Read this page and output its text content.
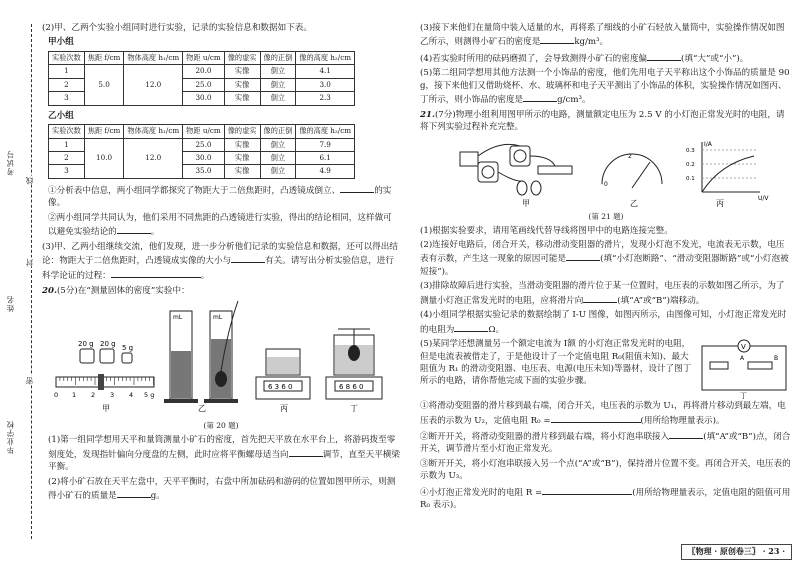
考试号
线
姓名
封
密
毕业学校

(2)甲、乙两个实验小组同时进行实验，记录的实验信息和数据如下表。

甲小组
实验次数	焦距 f/cm	物体高度 h₁/cm	物距 u/cm	像的虚实	像的正倒	像的高度 h₂/cm
1	5.0	12.0	20.0	实像	倒立	4.1
2			25.0	实像	倒立	3.0
3			30.0	实像	倒立	2.3
乙小组
实验次数	焦距 f/cm	物体高度 h₁/cm	物距 u/cm	像的虚实	像的正倒	像的高度 h₂/cm
1	10.0	12.0	25.0	实像	倒立	7.9
2			30.0	实像	倒立	6.1
3			35.0	实像	倒立	4.9

①分析表中信息，两小组同学都探究了物距大于二倍焦距时，凸透镜成倒立、	的实像。

②两小组同学共同认为，他们采用不同焦距的凸透镜进行实验，得出的结论相同，这样做可以避免实验结论的	。

(3)甲、乙两小组继续交流，他们发现，进一步分析他们记录的实验信息和数据，还可以得出结论：物距大于二倍焦距时，凸透镜成实像的大小与	有关。请写出分析实验信息，进行科学论证的过程：	。

20.(5分)在“测量固体的密度”实验中：

20 g 20 g 5 g
0 1 2 3 4 5 g
甲
mL	mL
乙
6 3 6 0
丙
6 8 6 0
丁
(第 20 题)

(1)第一组同学想用天平和量筒测量小矿石的密度，首先把天平放在水平台上，将游码拨至零刻度处，发现指针偏向分度盘的左侧，此时应将平衡螺母适当向	调节，直至天平横梁平衡。

(2)将小矿石放在天平左盘中，天平平衡时，右盘中所加砝码和游码的位置如图甲所示，则测得小矿石的质量是	g。

(3)接下来他们在量筒中装入适量的水，再将系了细线的小矿石轻放入量筒中，实验操作情况如图乙所示，则测得小矿石的密度是	kg/m³。

(4)若实验时所用的砝码磨损了，会导致测得小矿石的密度偏	(填“大”或“小”)。

(5)第二组同学想用其他方法测一个小饰品的密度，他们先用电子天平称出这个小饰品的质量是 90 g，接下来他们又借助烧杯、水、玻璃杯和电子天平测出了小饰品的体积，实验操作情况如图丙、丁所示，则小饰品的密度是	g/cm³。

21.(7分)物理小组利用图甲所示的电路，测量额定电压为 2.5 V 的小灯泡正常发光时的电阻，请将下列实验过程补充完整。

甲
0
2
乙
I/A
U/V
0.3
0.2
0.1
丙
(第 21 题)

(1)根据实验要求，请用笔画线代替导线将图甲中的电路连接完整。

(2)连接好电路后，闭合开关，移动滑动变阻器的滑片，发现小灯泡不发光，电流表无示数，电压表有示数，产生这一现象的原因可能是	(填“小灯泡断路”、“滑动变阻器断路”或“小灯泡被短接”)。

(3)排除故障后进行实验，当滑动变阻器的滑片位于某一位置时，电压表的示数如图乙所示，为了测量小灯泡正常发光时的电阻，应将滑片向	(填“A”或“B”)端移动。

(4)小组同学根据实验记录的数据绘制了 I-U 图像，如图丙所示，由图像可知，小灯泡正常发光时的电阻为	Ω。

(5)某同学还想测量另一个额定电流为 I额 的小灯泡正常发光时的电阻，但是电流表被借走了，于是他设计了一个定值电阻 R₀(阻值未知)、最大阻值为 R₁ 的滑动变阻器、电压表、电源(电压未知)等器材，设计了图丁所示的电路，请你帮他完成下面的实验步骤。

V
A	B
丁

①将滑动变阻器的滑片移到最右端，闭合开关，电压表的示数为 U₁，再将滑片移动到最左端，电压表的示数为 U₂，定值电阻 R₀ =	(用所给物理量表示)。

②断开开关，将滑动变阻器的滑片移到最右端，将小灯泡串联接入	(填“A”或“B”)点，闭合开关，调节滑片至小灯泡正常发光。

③断开开关，将小灯泡串联接入另一个点(“A”或“B”)，保持滑片位置不变。再闭合开关，电压表的示数为 U₃。

④小灯泡正常发光时的电阻 R =	(用所给物理量表示，定值电阻的阻值可用 R₀ 表示)。

〖物理 · 原创卷三〗 · 23 ·
